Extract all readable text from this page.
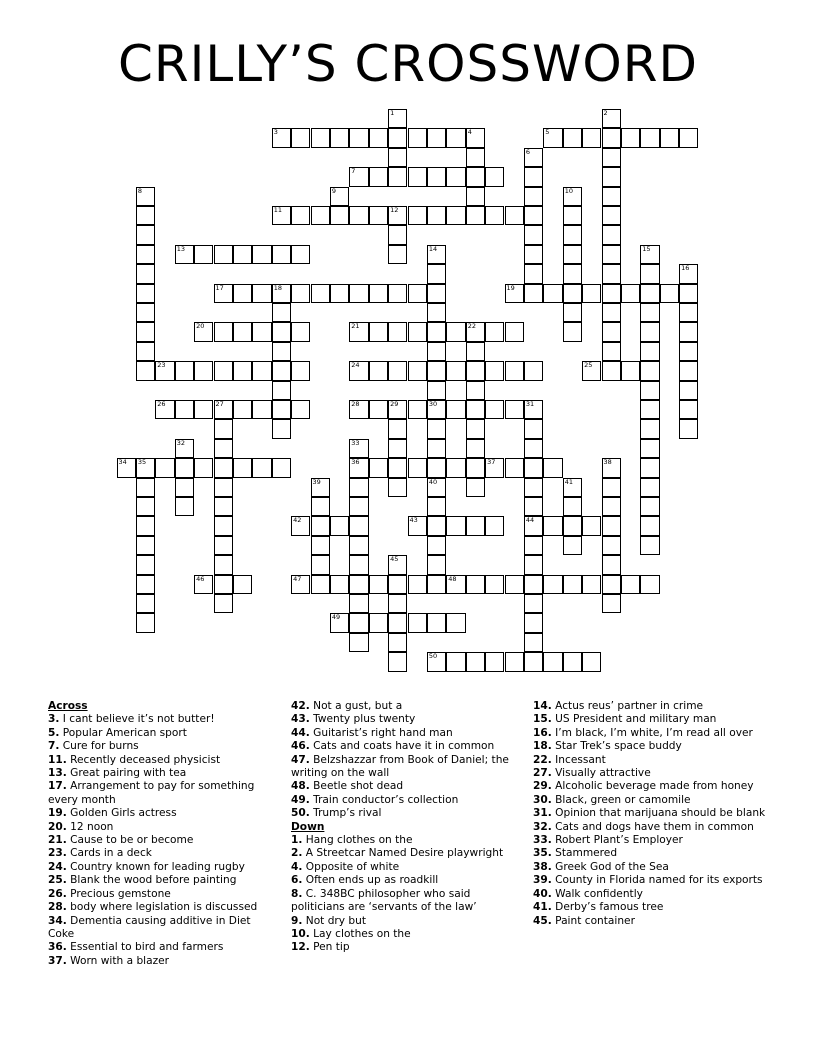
CRILLY’S CROSSWORD
3	5
7
9
11	12
13
17	18	19
20	21	22
23	24	25
26	27	28	29	30
34 35	36	37
42	43	44
46	47	48
49
50
1	2
4
6
8	10
14	15
16
31
32	33
38
39	40	41
45
Across
3. I cant believe it’s not butter!
5. Popular American sport
7. Cure for burns
11. Recently deceased physicist
13. Great pairing with tea
17. Arrangement to pay for something every month
19. Golden Girls actress
20. 12 noon
21. Cause to be or become
23. Cards in a deck
24. Country known for leading rugby
25. Blank the wood before painting
26. Precious gemstone
28. body where legislation is discussed
34. Dementia causing additive in Diet Coke
36. Essential to bird and farmers
37. Worn with a blazer
42. Not a gust, but a
43. Twenty plus twenty
44. Guitarist’s right hand man
46. Cats and coats have it in common
47. Belzshazzar from Book of Daniel; the writing on the wall
48. Beetle shot dead
49. Train conductor’s collection
50. Trump’s rival
Down
1. Hang clothes on the
2. A Streetcar Named Desire playwright
4. Opposite of white
6. Often ends up as roadkill
8. C. 348BC philosopher who said politicians are ‘servants of the law’
9. Not dry but
10. Lay clothes on the
12. Pen tip
14. Actus reus’ partner in crime
15. US President and military man
16. I’m black, I’m white, I’m read all over
18. Star Trek’s space buddy
22. Incessant
27. Visually attractive
29. Alcoholic beverage made from honey
30. Black, green or camomile
31. Opinion that marijuana should be blank
32. Cats and dogs have them in common
33. Robert Plant’s Employer
35. Stammered
38. Greek God of the Sea
39. County in Florida named for its exports
40. Walk confidently
41. Derby’s famous tree
45. Paint container
